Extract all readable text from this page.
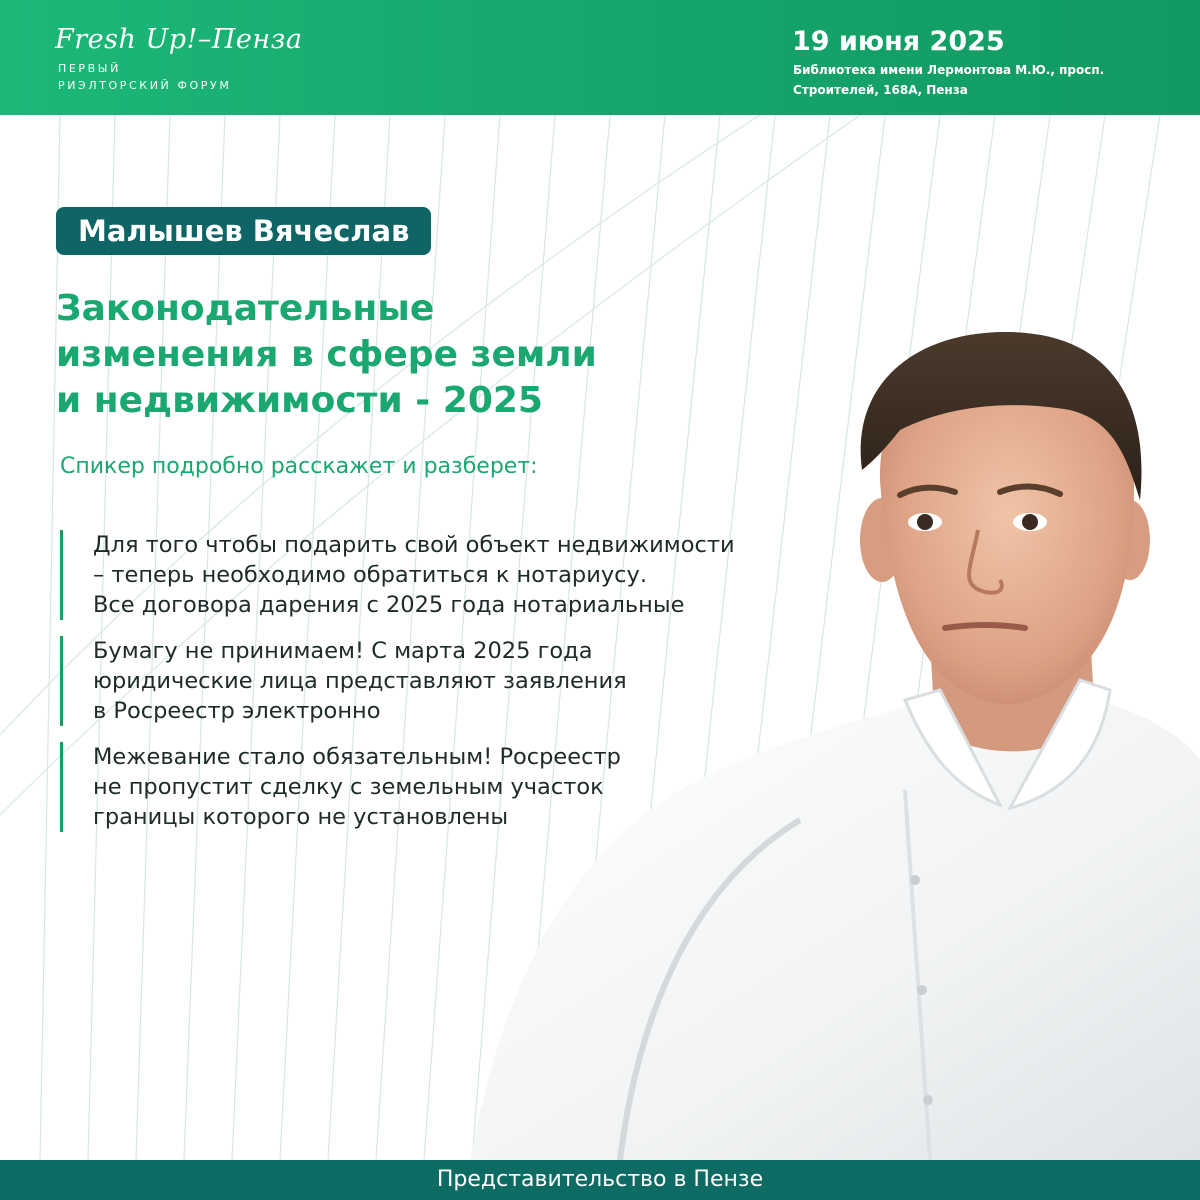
Fresh Up!–Пенза
ПЕРВЫЙ
РИЭЛТОРСКИЙ ФОРУМ
19 июня 2025
Библиотека имени Лермонтова М.Ю., просп.
Строителей, 168А, Пенза
Малышев Вячеслав
Законодательные
изменения в сфере земли
и недвижимости - 2025
Спикер подробно расскажет и разберет:
Для того чтобы подарить свой объект недвижимости
– теперь необходимо обратиться к нотариусу.
Все договора дарения с 2025 года нотариальные
Бумагу не принимаем! С марта 2025 года
юридические лица представляют заявления
в Росреестр электронно
Межевание стало обязательным! Росреестр
не пропустит сделку с земельным участок
границы которого не установлены
Представительство в Пензе
